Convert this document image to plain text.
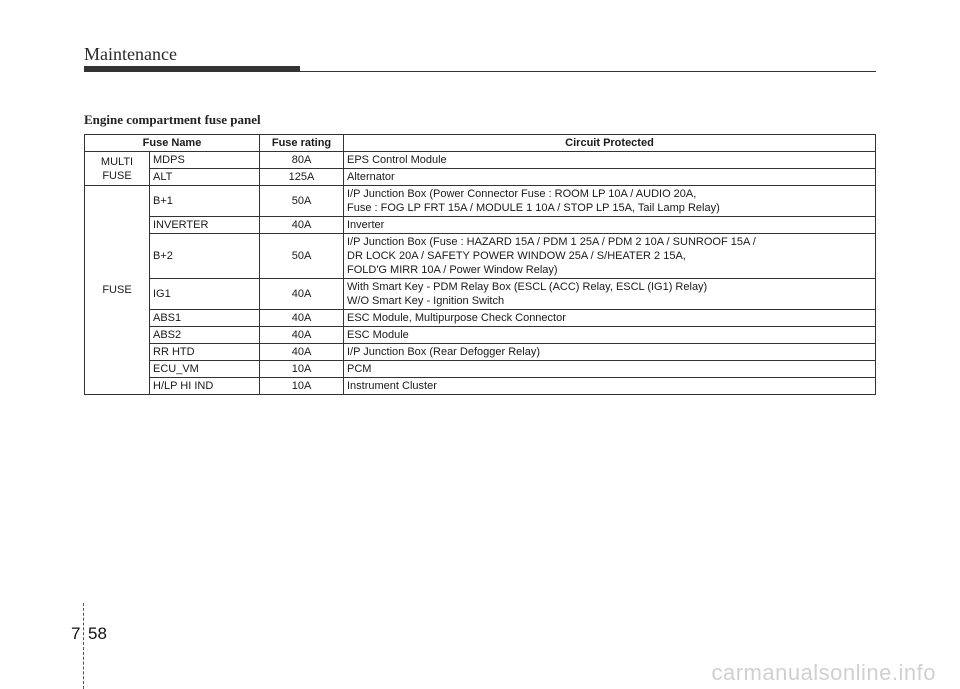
Maintenance
Engine compartment fuse panel
Fuse Name		Fuse rating	Circuit Protected
MULTI
FUSE	MDPS	80A	EPS Control Module
	ALT	125A	Alternator
FUSE	B+1	50A	I/P Junction Box (Power Connector Fuse : ROOM LP 10A / AUDIO 20A,
Fuse : FOG LP FRT 15A / MODULE 1 10A / STOP LP 15A, Tail Lamp Relay)
	INVERTER	40A	Inverter
	B+2	50A	I/P Junction Box (Fuse : HAZARD 15A / PDM 1 25A / PDM 2 10A / SUNROOF 15A /
DR LOCK 20A / SAFETY POWER WINDOW 25A / S/HEATER 2 15A,
FOLD'G MIRR 10A / Power Window Relay)
	IG1	40A	With Smart Key - PDM Relay Box (ESCL (ACC) Relay, ESCL (IG1) Relay)
W/O Smart Key - Ignition Switch
	ABS1	40A	ESC Module, Multipurpose Check Connector
	ABS2	40A	ESC Module
	RR HTD	40A	I/P Junction Box (Rear Defogger Relay)
	ECU_VM	10A	PCM
	H/LP HI IND	10A	Instrument Cluster
7 58
carmanualsonline.info
